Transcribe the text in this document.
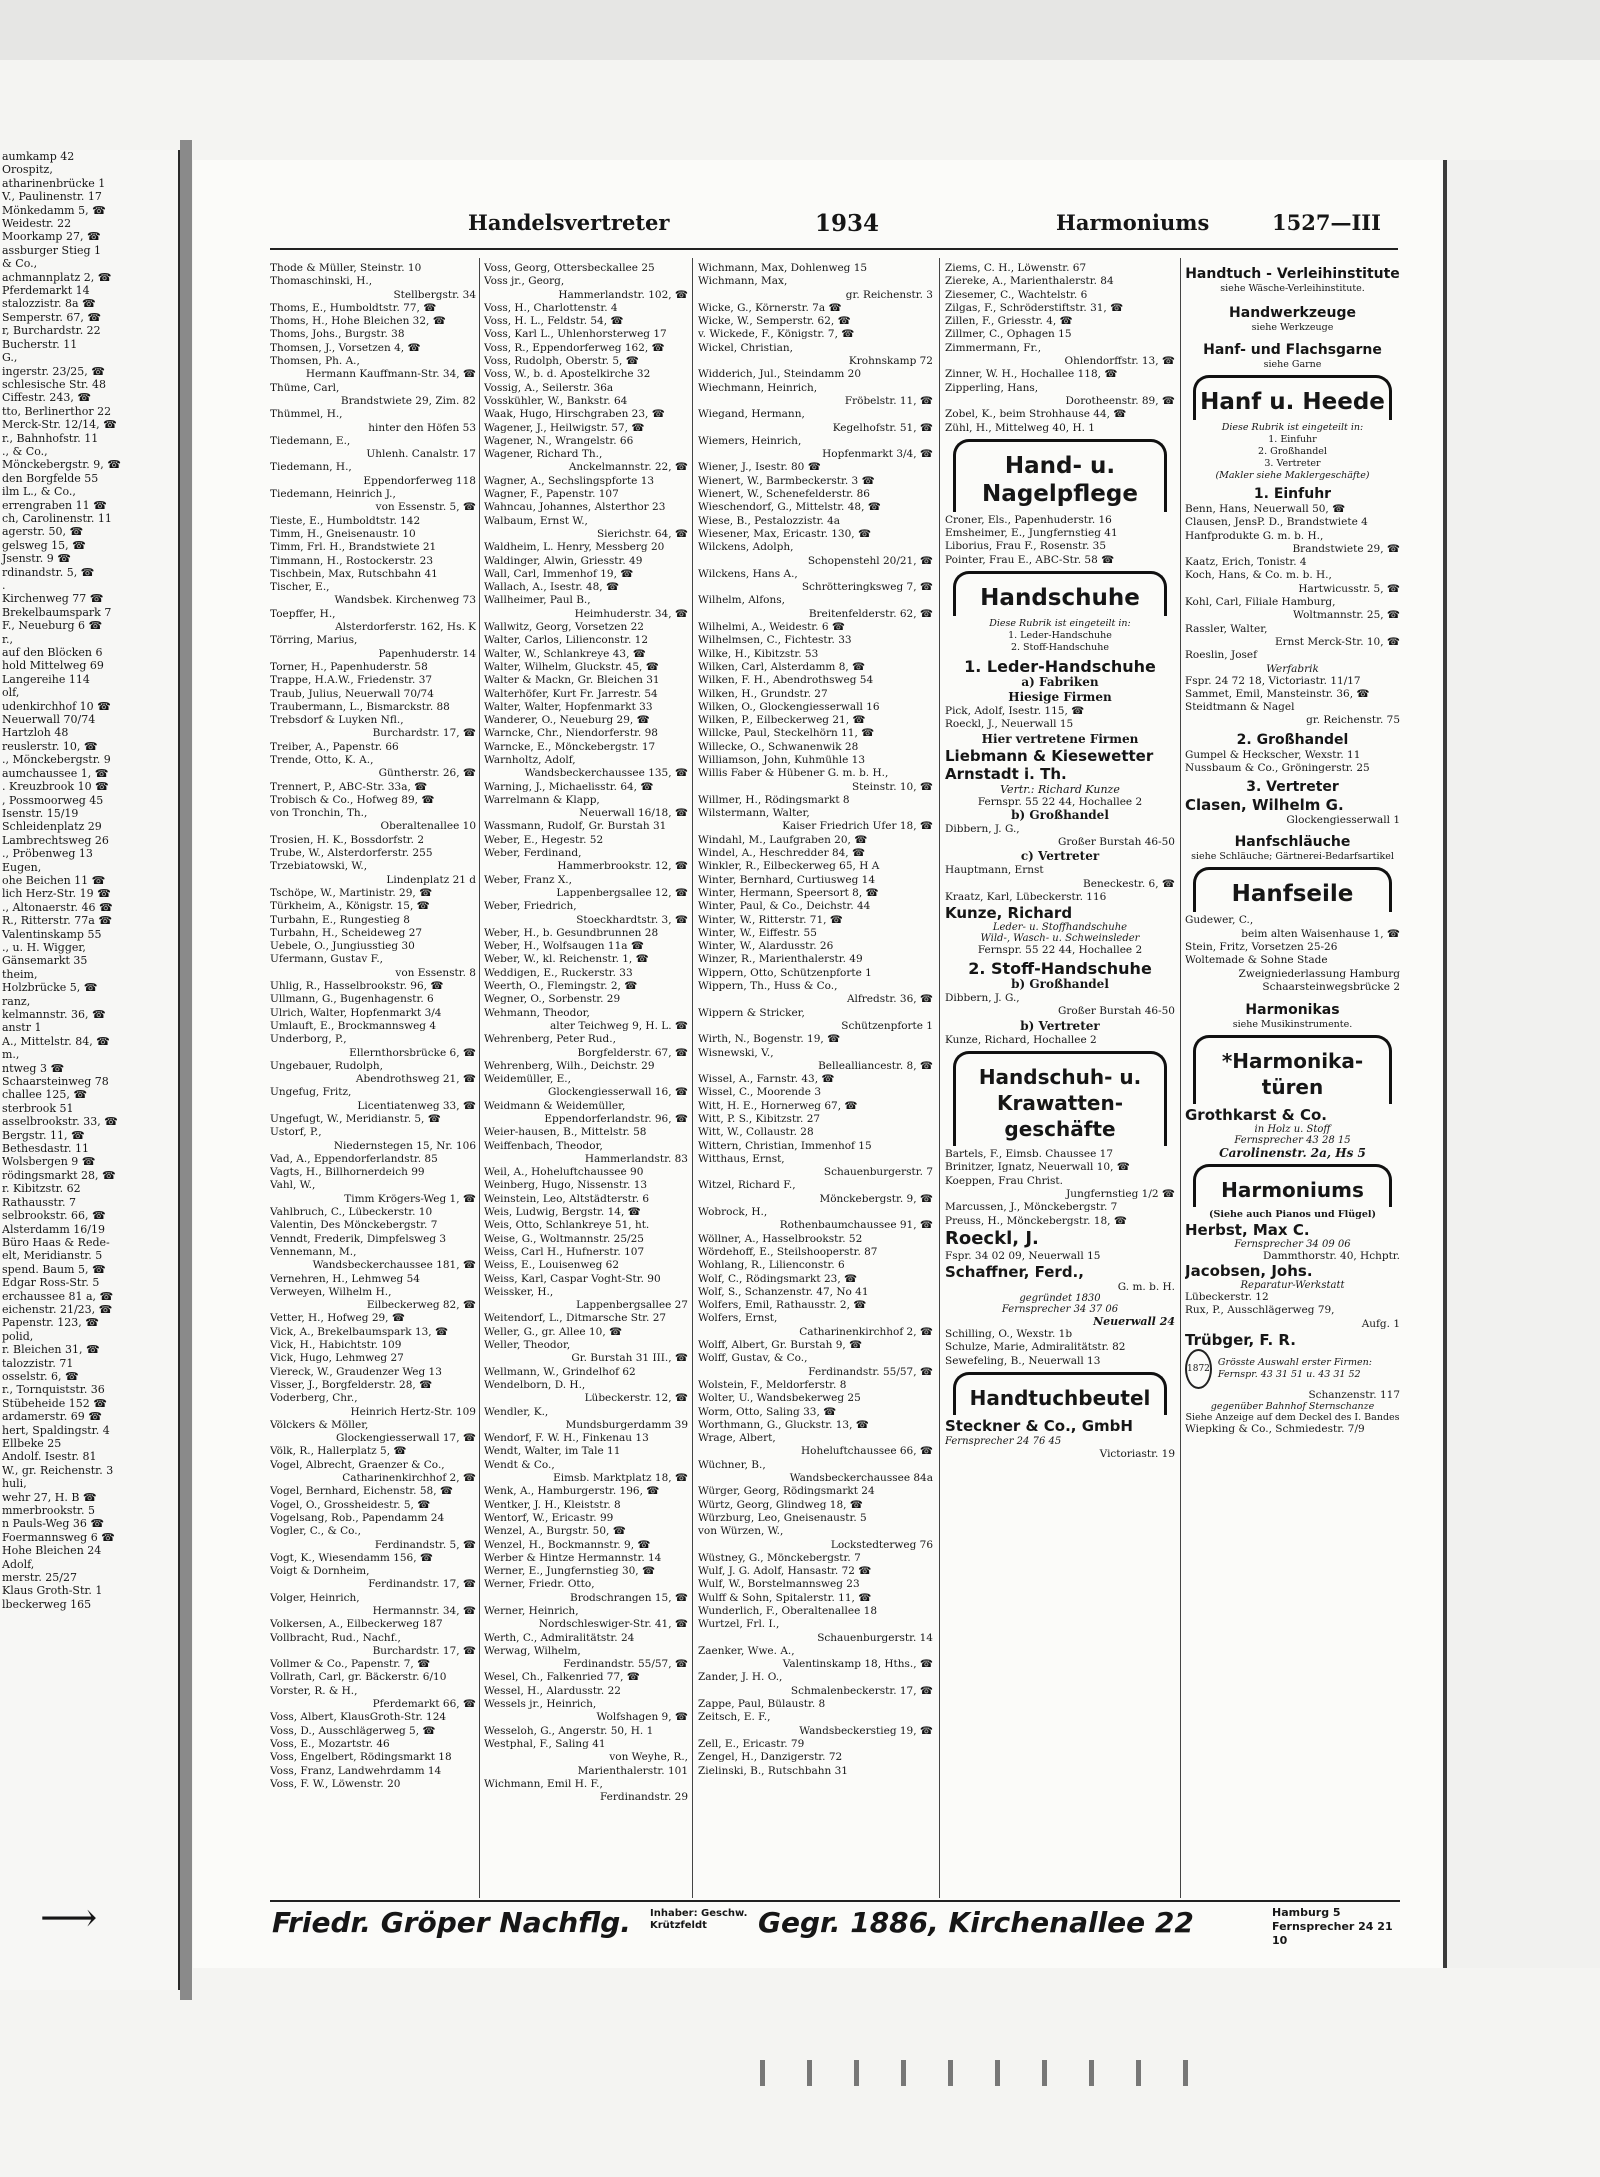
aumkamp 42
Orospitz,
atharinenbrücke 1
V., Paulinenstr. 17
Mönkedamm 5, ☎
Weidestr. 22
Moorkamp 27, ☎
assburger Stieg 1
& Co.,
achmannplatz 2, ☎
Pferdemarkt 14
stalozzistr. 8a ☎
Semperstr. 67, ☎
r, Burchardstr. 22
Bucherstr. 11
G.,
ingerstr. 23/25, ☎
schlesische Str. 48
Ciffestr. 243, ☎
tto, Berlinerthor 22
Merck-Str. 12/14, ☎
r., Bahnhofstr. 11
., & Co.,
Mönckebergstr. 9, ☎
den Borgfelde 55
ilm L., & Co.,
errengraben 11 ☎
ch, Carolinenstr. 11
agerstr. 50, ☎
gelsweg 15, ☎
Jsenstr. 9 ☎
rdinandstr. 5, ☎
.
Kirchenweg 77 ☎
Brekelbaumspark 7
F., Neueburg 6 ☎
r.,
auf den Blöcken 6
hold Mittelweg 69
Langereihe 114
olf,
udenkirchhof 10 ☎
Neuerwall 70/74
Hartzloh 48
reuslerstr. 10, ☎
., Mönckebergstr. 9
aumchaussee 1, ☎
. Kreuzbrook 10 ☎
, Possmoorweg 45
Isenstr. 15/19
Schleidenplatz 29
Lambrechtsweg 26
., Pröbenweg 13
Eugen,
ohe Beichen 11 ☎
lich Herz-Str. 19 ☎
., Altonaerstr. 46 ☎
R., Ritterstr. 77a ☎
Valentinskamp 55
., u. H. Wigger,
Gänsemarkt 35
theim,
Holzbrücke 5, ☎
ranz,
kelmannstr. 36, ☎
anstr 1
A., Mittelstr. 84, ☎
m.,
ntweg 3 ☎
Schaarsteinweg 78
challee 125, ☎
sterbrook 51
asselbrookstr. 33, ☎
Bergstr. 11, ☎
Bethesdastr. 11
Wolsbergen 9 ☎
rödingsmarkt 28, ☎
r. Kibitzstr. 62
Rathausstr. 7
selbrookstr. 66, ☎
Alsterdamm 16/19
Büro Haas & Rede-
elt, Meridianstr. 5
spend. Baum 5, ☎
Edgar Ross-Str. 5
erchaussee 81 a, ☎
eichenstr. 21/23, ☎
Papenstr. 123, ☎
polid,
r. Bleichen 31, ☎
talozzistr. 71
osselstr. 6, ☎
r., Tornquiststr. 36
Stübeheide 152 ☎
ardamerstr. 69 ☎
hert, Spaldingstr. 4
Ellbeke 25
Andolf. Isestr. 81
W., gr. Reichenstr. 3
huli,
wehr 27, H. B ☎
mmerbrookstr. 5
n Pauls-Weg 36 ☎
Foermannsweg 6 ☎
Hohe Bleichen 24
Adolf,
merstr. 25/27
Klaus Groth-Str. 1
lbeckerweg 165
Handelsvertreter	1934	Harmoniums	1527—III
Thode & Müller, Steinstr. 10
Thomaschinski, H.,
Stellbergstr. 34
Thoms, E., Humboldtstr. 77, ☎
Thoms, H., Hohe Bleichen 32, ☎
Thoms, Johs., Burgstr. 38
Thomsen, J., Vorsetzen 4, ☎
Thomsen, Ph. A.,
Hermann Kauffmann-Str. 34, ☎
Thüme, Carl,
Brandstwiete 29, Zim. 82
Thümmel, H.,
hinter den Höfen 53
Tiedemann, E.,
Uhlenh. Canalstr. 17
Tiedemann, H.,
Eppendorferweg 118
Tiedemann, Heinrich J.,
von Essenstr. 5, ☎
Tieste, E., Humboldtstr. 142
Timm, H., Gneisenaustr. 10
Timm, Frl. H., Brandstwiete 21
Timmann, H., Rostockerstr. 23
Tischbein, Max, Rutschbahn 41
Tischer, E.,
Wandsbek. Kirchenweg 73
Toepffer, H.,
Alsterdorferstr. 162, Hs. K
Törring, Marius,
Papenhuderstr. 14
Torner, H., Papenhuderstr. 58
Trappe, H.A.W., Friedenstr. 37
Traub, Julius, Neuerwall 70/74
Traubermann, L., Bismarckstr. 88
Trebsdorf & Luyken Nfl.,
Burchardstr. 17, ☎
Treiber, A., Papenstr. 66
Trende, Otto, K. A.,
Güntherstr. 26, ☎
Trennert, P., ABC-Str. 33a, ☎
Trobisch & Co., Hofweg 89, ☎
von Tronchin, Th.,
Oberaltenallee 10
Trosien, H. K., Bossdorfstr. 2
Trube, W., Alsterdorferstr. 255
Trzebiatowski, W.,
Lindenplatz 21 d
Tschöpe, W., Martinistr. 29, ☎
Türkheim, A., Königstr. 15, ☎
Turbahn, E., Rungestieg 8
Turbahn, H., Scheideweg 27
Uebele, O., Jungiusstieg 30
Ufermann, Gustav F.,
von Essenstr. 8
Uhlig, R., Hasselbrookstr. 96, ☎
Ullmann, G., Bugenhagenstr. 6
Ulrich, Walter, Hopfenmarkt 3/4
Umlauft, E., Brockmannsweg 4
Underborg, P.,
Ellernthorsbrücke 6, ☎
Ungebauer, Rudolph,
Abendrothsweg 21, ☎
Ungefug, Fritz,
Licentiatenweg 33, ☎
Ungefugt, W., Meridianstr. 5, ☎
Ustorf, P.,
Niedernstegen 15, Nr. 106
Vad, A., Eppendorferlandstr. 85
Vagts, H., Billhornerdeich 99
Vahl, W.,
Timm Krögers-Weg 1, ☎
Vahlbruch, C., Lübeckerstr. 10
Valentin, Des Mönckebergstr. 7
Venndt, Frederik, Dimpfelsweg 3
Vennemann, M.,
Wandsbeckerchaussee 181, ☎
Vernehren, H., Lehmweg 54
Verweyen, Wilhelm H.,
Eilbeckerweg 82, ☎
Vetter, H., Hofweg 29, ☎
Vick, A., Brekelbaumspark 13, ☎
Vick, H., Habichtstr. 109
Vick, Hugo, Lehmweg 27
Viereck, W., Graudenzer Weg 13
Visser, J., Borgfelderstr. 28, ☎
Voderberg, Chr.,
Heinrich Hertz-Str. 109
Völckers & Möller,
Glockengiesserwall 17, ☎
Völk, R., Hallerplatz 5, ☎
Vogel, Albrecht, Graenzer & Co.,
Catharinenkirchhof 2, ☎
Vogel, Bernhard, Eichenstr. 58, ☎
Vogel, O., Grossheidestr. 5, ☎
Vogelsang, Rob., Papendamm 24
Vogler, C., & Co.,
Ferdinandstr. 5, ☎
Vogt, K., Wiesendamm 156, ☎
Voigt & Dornheim,
Ferdinandstr. 17, ☎
Volger, Heinrich,
Hermannstr. 34, ☎
Volkersen, A., Eilbeckerweg 187
Vollbracht, Rud., Nachf.,
Burchardstr. 17, ☎
Vollmer & Co., Papenstr. 7, ☎
Vollrath, Carl, gr. Bäckerstr. 6/10
Vorster, R. & H.,
Pferdemarkt 66, ☎
Voss, Albert, KlausGroth-Str. 124
Voss, D., Ausschlägerweg 5, ☎
Voss, E., Mozartstr. 46
Voss, Engelbert, Rödingsmarkt 18
Voss, Franz, Landwehrdamm 14
Voss, F. W., Löwenstr. 20
Voss, Georg, Ottersbeckallee 25
Voss jr., Georg,
Hammerlandstr. 102, ☎
Voss, H., Charlottenstr. 4
Voss, H. L., Feldstr. 54, ☎
Voss, Karl L., Uhlenhorsterweg 17
Voss, R., Eppendorferweg 162, ☎
Voss, Rudolph, Oberstr. 5, ☎
Voss, W., b. d. Apostelkirche 32
Vossig, A., Seilerstr. 36a
Vosskühler, W., Bankstr. 64
Waak, Hugo, Hirschgraben 23, ☎
Wagener, J., Heilwigstr. 57, ☎
Wagener, N., Wrangelstr. 66
Wagener, Richard Th.,
Anckelmannstr. 22, ☎
Wagner, A., Sechslingspforte 13
Wagner, F., Papenstr. 107
Wahncau, Johannes, Alsterthor 23
Walbaum, Ernst W.,
Sierichstr. 64, ☎
Waldheim, L. Henry, Messberg 20
Waldinger, Alwin, Griesstr. 49
Wall, Carl, Immenhof 19, ☎
Wallach, A., Isestr. 48, ☎
Wallheimer, Paul B.,
Heimhuderstr. 34, ☎
Wallwitz, Georg, Vorsetzen 22
Walter, Carlos, Lilienconstr. 12
Walter, W., Schlankreye 43, ☎
Walter, Wilhelm, Gluckstr. 45, ☎
Walter & Mackn, Gr. Bleichen 31
Walterhöfer, Kurt Fr. Jarrestr. 54
Walter, Walter, Hopfenmarkt 33
Wanderer, O., Neueburg 29, ☎
Warncke, Chr., Niendorferstr. 98
Warncke, E., Mönckebergstr. 17
Warnholtz, Adolf,
Wandsbeckerchaussee 135, ☎
Warning, J., Michaelisstr. 64, ☎
Warrelmann & Klapp,
Neuerwall 16/18, ☎
Wassmann, Rudolf, Gr. Burstah 31
Weber, E., Hegestr. 52
Weber, Ferdinand,
Hammerbrookstr. 12, ☎
Weber, Franz X.,
Lappenbergsallee 12, ☎
Weber, Friedrich,
Stoeckhardtstr. 3, ☎
Weber, H., b. Gesundbrunnen 28
Weber, H., Wolfsaugen 11a ☎
Weber, W., kl. Reichenstr. 1, ☎
Weddigen, E., Ruckerstr. 33
Weerth, O., Flemingstr. 2, ☎
Wegner, O., Sorbenstr. 29
Wehmann, Theodor,
alter Teichweg 9, H. L. ☎
Wehrenberg, Peter Rud.,
Borgfelderstr. 67, ☎
Wehrenberg, Wilh., Deichstr. 29
Weidemüller, E.,
Glockengiesserwall 16, ☎
Weidmann & Weidemüller,
Eppendorferlandstr. 96, ☎
Weier-hausen, B., Mittelstr. 58
Weiffenbach, Theodor,
Hammerlandstr. 83
Weil, A., Hoheluftchaussee 90
Weinberg, Hugo, Nissenstr. 13
Weinstein, Leo, Altstädterstr. 6
Weis, Ludwig, Bergstr. 14, ☎
Weis, Otto, Schlankreye 51, ht.
Weise, G., Woltmannstr. 25/25
Weiss, Carl H., Hufnerstr. 107
Weiss, E., Louisenweg 62
Weiss, Karl, Caspar Voght-Str. 90
Weissker, H.,
Lappenbergsallee 27
Weitendorf, L., Ditmarsche Str. 27
Weller, G., gr. Allee 10, ☎
Weller, Theodor,
Gr. Burstah 31 III., ☎
Wellmann, W., Grindelhof 62
Wendelborn, D. H.,
Lübeckerstr. 12, ☎
Wendler, K.,
Mundsburgerdamm 39
Wendorf, F. W. H., Finkenau 13
Wendt, Walter, im Tale 11
Wendt & Co.,
Eimsb. Marktplatz 18, ☎
Wenk, A., Hamburgerstr. 196, ☎
Wentker, J. H., Kleiststr. 8
Wentorf, W., Ericastr. 99
Wenzel, A., Burgstr. 50, ☎
Wenzel, H., Bockmannstr. 9, ☎
Werber & Hintze Hermannstr. 14
Werner, E., Jungfernstieg 30, ☎
Werner, Friedr. Otto,
Brodschrangen 15, ☎
Werner, Heinrich,
Nordschleswiger-Str. 41, ☎
Werth, C., Admiralitätstr. 24
Werwag, Wilhelm,
Ferdinandstr. 55/57, ☎
Wesel, Ch., Falkenried 77, ☎
Wessel, H., Alardusstr. 22
Wessels jr., Heinrich,
Wolfshagen 9, ☎
Wesseloh, G., Angerstr. 50, H. 1
Westphal, F., Saling 41
von Weyhe, R.,
Marienthalerstr. 101
Wichmann, Emil H. F.,
Ferdinandstr. 29
Wichmann, Max, Dohlenweg 15
Wichmann, Max,
gr. Reichenstr. 3
Wicke, G., Körnerstr. 7a ☎
Wicke, W., Semperstr. 62, ☎
v. Wickede, F., Königstr. 7, ☎
Wickel, Christian,
Krohnskamp 72
Widderich, Jul., Steindamm 20
Wiechmann, Heinrich,
Fröbelstr. 11, ☎
Wiegand, Hermann,
Kegelhofstr. 51, ☎
Wiemers, Heinrich,
Hopfenmarkt 3/4, ☎
Wiener, J., Isestr. 80 ☎
Wienert, W., Barmbeckerstr. 3 ☎
Wienert, W., Schenefelderstr. 86
Wieschendorf, G., Mittelstr. 48, ☎
Wiese, B., Pestalozzistr. 4a
Wiesener, Max, Ericastr. 130, ☎
Wilckens, Adolph,
Schopenstehl 20/21, ☎
Wilckens, Hans A.,
Schrötteringksweg 7, ☎
Wilhelm, Alfons,
Breitenfelderstr. 62, ☎
Wilhelmi, A., Weidestr. 6 ☎
Wilhelmsen, C., Fichtestr. 33
Wilke, H., Kibitzstr. 53
Wilken, Carl, Alsterdamm 8, ☎
Wilken, F. H., Abendrothsweg 54
Wilken, H., Grundstr. 27
Wilken, O., Glockengiesserwall 16
Wilken, P., Eilbeckerweg 21, ☎
Willcke, Paul, Steckelhörn 11, ☎
Willecke, O., Schwanenwik 28
Williamson, John, Kuhmühle 13
Willis Faber & Hübener G. m. b. H.,
Steinstr. 10, ☎
Willmer, H., Rödingsmarkt 8
Wilstermann, Walter,
Kaiser Friedrich Ufer 18, ☎
Windahl, M., Laufgraben 20, ☎
Windel, A., Heschredder 84, ☎
Winkler, R., Eilbeckerweg 65, H A
Winter, Bernhard, Curtiusweg 14
Winter, Hermann, Speersort 8, ☎
Winter, Paul, & Co., Deichstr. 44
Winter, W., Ritterstr. 71, ☎
Winter, W., Eiffestr. 55
Winter, W., Alardusstr. 26
Winzer, R., Marienthalerstr. 49
Wippern, Otto, Schützenpforte 1
Wippern, Th., Huss & Co.,
Alfredstr. 36, ☎
Wippern & Stricker,
Schützenpforte 1
Wirth, N., Bogenstr. 19, ☎
Wisnewski, V.,
Bellealliancestr. 8, ☎
Wissel, A., Farnstr. 43, ☎
Wissel, C., Moorende 3
Witt, H. E., Hornerweg 67, ☎
Witt, P. S., Kibitzstr. 27
Witt, W., Collaustr. 28
Wittern, Christian, Immenhof 15
Witthaus, Ernst,
Schauenburgerstr. 7
Witzel, Richard F.,
Mönckebergstr. 9, ☎
Wobrock, H.,
Rothenbaumchaussee 91, ☎
Wöllner, A., Hasselbrookstr. 52
Wördehoff, E., Steilshooperstr. 87
Wohlang, R., Lilienconstr. 6
Wolf, C., Rödingsmarkt 23, ☎
Wolf, S., Schanzenstr. 47, No 41
Wolfers, Emil, Rathausstr. 2, ☎
Wolfers, Ernst,
Catharinenkirchhof 2, ☎
Wolff, Albert, Gr. Burstah 9, ☎
Wolff, Gustav, & Co.,
Ferdinandstr. 55/57, ☎
Wolstein, F., Meldorferstr. 8
Wolter, U., Wandsbekerweg 25
Worm, Otto, Saling 33, ☎
Worthmann, G., Gluckstr. 13, ☎
Wrage, Albert,
Hoheluftchaussee 66, ☎
Wüchner, B.,
Wandsbeckerchaussee 84a
Würger, Georg, Rödingsmarkt 24
Würtz, Georg, Glindweg 18, ☎
Würzburg, Leo, Gneisenaustr. 5
von Würzen, W.,
Lockstedterweg 76
Wüstney, G., Mönckebergstr. 7
Wulf, J. G. Adolf, Hansastr. 72 ☎
Wulf, W., Borstelmannsweg 23
Wulff & Sohn, Spitalerstr. 11, ☎
Wunderlich, F., Oberaltenallee 18
Wurtzel, Frl. I.,
Schauenburgerstr. 14
Zaenker, Wwe. A.,
Valentinskamp 18, Hths., ☎
Zander, J. H. O.,
Schmalenbeckerstr. 17, ☎
Zappe, Paul, Bülaustr. 8
Zeitsch, E. F.,
Wandsbeckerstieg 19, ☎
Zell, E., Ericastr. 79
Zengel, H., Danzigerstr. 72
Zielinski, B., Rutschbahn 31
Ziems, C. H., Löwenstr. 67
Ziereke, A., Marienthalerstr. 84
Ziesemer, C., Wachtelstr. 6
Zilgas, F., Schröderstiftstr. 31, ☎
Zillen, F., Griesstr. 4, ☎
Zillmer, C., Ophagen 15
Zimmermann, Fr.,
Ohlendorffstr. 13, ☎
Zinner, W. H., Hochallee 118, ☎
Zipperling, Hans,
Dorotheenstr. 89, ☎
Zobel, K., beim Strohhause 44, ☎
Zühl, H., Mittelweg 40, H. 1
Hand- u. Nagelpflege
Croner, Els., Papenhuderstr. 16
Emsheimer, E., Jungfernstieg 41
Liborius, Frau F., Rosenstr. 35
Pointer, Frau E., ABC-Str. 58 ☎
Handschuhe
Diese Rubrik ist eingeteilt in:
1. Leder-Handschuhe
2. Stoff-Handschuhe
1. Leder-Handschuhe
a) Fabriken
Hiesige Firmen
Pick, Adolf, Isestr. 115, ☎
Roeckl, J., Neuerwall 15
Hier vertretene Firmen
Liebmann & Kiesewetter Arnstadt i. Th.
Vertr.: Richard Kunze
Fernspr. 55 22 44, Hochallee 2
b) Großhandel
Dibbern, J. G.,
Großer Burstah 46-50
c) Vertreter
Hauptmann, Ernst
Beneckestr. 6, ☎
Kraatz, Karl, Lübeckerstr. 116
Kunze, Richard
Leder- u. Stoffhandschuhe
Wild-, Wasch- u. Schweinsleder
Fernspr. 55 22 44, Hochallee 2
2. Stoff-Handschuhe
b) Großhandel
Dibbern, J. G.,
Großer Burstah 46-50
b) Vertreter
Kunze, Richard, Hochallee 2
Handschuh- u. Krawatten- geschäfte
Bartels, F., Eimsb. Chaussee 17
Brinitzer, Ignatz, Neuerwall 10, ☎
Koeppen, Frau Christ.
Jungfernstieg 1/2 ☎
Marcussen, J., Mönckebergstr. 7
Preuss, H., Mönckebergstr. 18, ☎
Roeckl, J.
Fspr. 34 02 09, Neuerwall 15
Schaffner, Ferd.,
G. m. b. H.
gegründet 1830
Fernsprecher 34 37 06
Neuerwall 24
Schilling, O., Wexstr. 1b
Schulze, Marie, Admiralitätstr. 82
Sewefeling, B., Neuerwall 13
Handtuchbeutel
Steckner & Co., GmbH
Fernsprecher 24 76 45
Victoriastr. 19
Handtuch - Verleihinstitute
siehe Wäsche-Verleihinstitute.
Handwerkzeuge
siehe Werkzeuge
Hanf- und Flachsgarne
siehe Garne
Hanf u. Heede
Diese Rubrik ist eingeteilt in:
1. Einfuhr
2. Großhandel
3. Vertreter
(Makler siehe Maklergeschäfte)
1. Einfuhr
Benn, Hans, Neuerwall 50, ☎
Clausen, JensP. D., Brandstwiete 4
Hanfprodukte G. m. b. H.,
Brandstwiete 29, ☎
Kaatz, Erich, Tonistr. 4
Koch, Hans, & Co. m. b. H.,
Hartwicusstr. 5, ☎
Kohl, Carl, Filiale Hamburg,
Woltmannstr. 25, ☎
Rassler, Walter,
Ernst Merck-Str. 10, ☎
Roeslin, Josef
Werfabrik
Fspr. 24 72 18, Victoriastr. 11/17
Sammet, Emil, Mansteinstr. 36, ☎
Steidtmann & Nagel
gr. Reichenstr. 75
2. Großhandel
Gumpel & Heckscher, Wexstr. 11
Nussbaum & Co., Gröningerstr. 25
3. Vertreter
Clasen, Wilhelm G.
Glockengiesserwall 1
Hanfschläuche
siehe Schläuche; Gärtnerei-Bedarfsartikel
Hanfseile
Gudewer, C.,
beim alten Waisenhause 1, ☎
Stein, Fritz, Vorsetzen 25-26
Woltemade & Sohne Stade
Zweigniederlassung Hamburg
Schaarsteinwegsbrücke 2
Harmonikas
siehe Musikinstrumente.
*Harmonika- türen
Grothkarst & Co.
in Holz u. Stoff
Fernsprecher 43 28 15
Carolinenstr. 2a, Hs 5
Harmoniums
(Siehe auch Pianos und Flügel)
Herbst, Max C.
Fernsprecher 34 09 06
Dammthorstr. 40, Hchptr.
Jacobsen, Johs.
Reparatur-Werkstatt
Lübeckerstr. 12
Rux, P., Ausschlägerweg 79,
Aufg. 1
Trübger, F. R.
1872
Grösste Auswahl erster Firmen: Fernspr. 43 31 51 u. 43 31 52
Schanzenstr. 117
gegenüber Bahnhof Sternschanze
Siehe Anzeige auf dem Deckel des I. Bandes
Wiepking & Co., Schmiedestr. 7/9
Friedr. Gröper Nachflg. Inhaber: Geschw. Krützfeldt	Gegr. 1886, Kirchenallee 22	Hamburg 5
Fernsprecher 24 21 10
⟶
